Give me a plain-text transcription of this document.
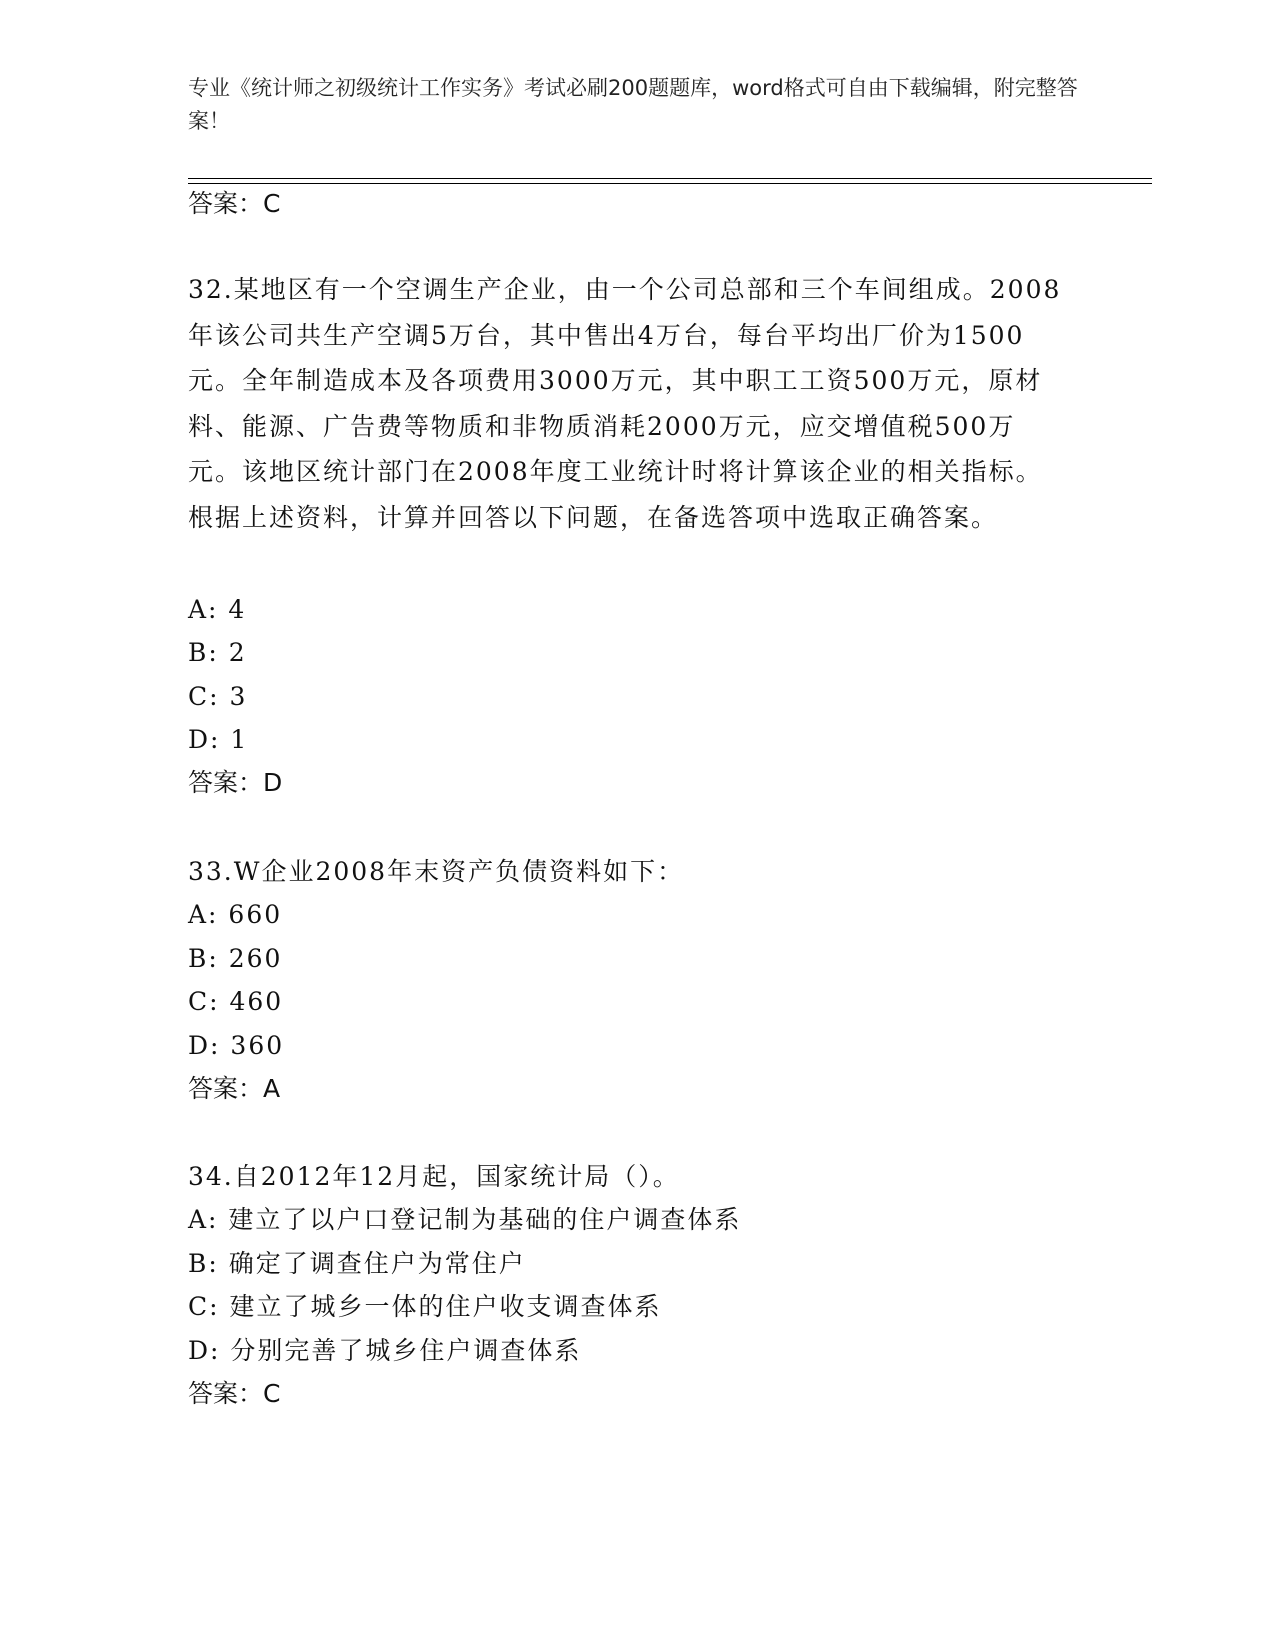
专业《统计师之初级统计工作实务》考试必刷200题题库，word格式可自由下载编辑，附完整答案！
答案：C
32.某地区有一个空调生产企业，由一个公司总部和三个车间组成。2008年该公司共生产空调5万台，其中售出4万台，每台平均出厂价为1500元。全年制造成本及各项费用3000万元，其中职工工资500万元，原材料、能源、广告费等物质和非物质消耗2000万元，应交增值税500万元。该地区统计部门在2008年度工业统计时将计算该企业的相关指标。根据上述资料，计算并回答以下问题，在备选答项中选取正确答案。
A: 4
B: 2
C: 3
D: 1
答案：D
33.W企业2008年末资产负债资料如下：
A: 660
B: 260
C: 460
D: 360
答案：A
34.自2012年12月起，国家统计局（）。
A: 建立了以户口登记制为基础的住户调查体系
B: 确定了调查住户为常住户
C: 建立了城乡一体的住户收支调查体系
D: 分别完善了城乡住户调查体系
答案：C
